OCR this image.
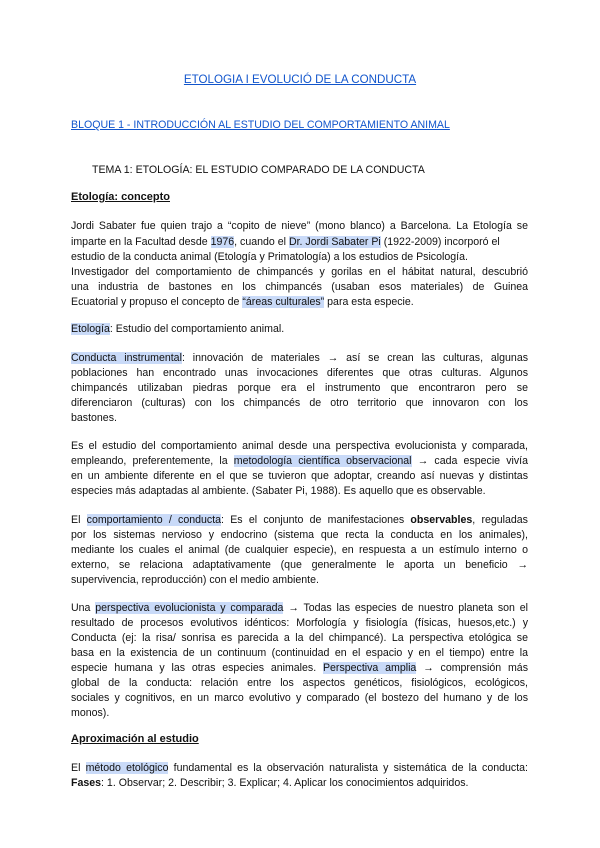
ETOLOGIA I EVOLUCIÓ DE LA CONDUCTA

BLOQUE 1 - INTRODUCCIÓN AL ESTUDIO DEL COMPORTAMIENTO ANIMAL

TEMA 1: ETOLOGÍA: EL ESTUDIO COMPARADO DE LA CONDUCTA

Etología: concepto

Jordi Sabater fue quien trajo a “copito de nieve” (mono blanco) a Barcelona. La Etología se

imparte en la Facultad desde 1976, cuando el Dr. Jordi Sabater Pi (1922-2009) incorporó el

estudio de la conducta animal (Etología y Primatología) a los estudios de Psicología.

Investigador del comportamiento de chimpancés y gorilas en el hábitat natural, descubrió

una industria de bastones en los chimpancés (usaban esos materiales) de Guinea

Ecuatorial y propuso el concepto de “áreas culturales” para esta especie.

Etología: Estudio del comportamiento animal.

Conducta instrumental: innovación de materiales → así se crean las culturas, algunas

poblaciones han encontrado unas invocaciones diferentes que otras culturas. Algunos

chimpancés utilizaban piedras porque era el instrumento que encontraron pero se

diferenciaron (culturas) con los chimpancés de otro territorio que innovaron con los

bastones.

Es el estudio del comportamiento animal desde una perspectiva evolucionista y comparada,

empleando, preferentemente, la metodología científica observacional → cada especie vivía

en un ambiente diferente en el que se tuvieron que adoptar, creando así nuevas y distintas

especies más adaptadas al ambiente. (Sabater Pi, 1988). Es aquello que es observable.

El comportamiento / conducta: Es el conjunto de manifestaciones observables, reguladas

por los sistemas nervioso y endocrino (sistema que recta la conducta en los animales),

mediante los cuales el animal (de cualquier especie), en respuesta a un estímulo interno o

externo, se relaciona adaptativamente (que generalmente le aporta un beneficio →

supervivencia, reproducción) con el medio ambiente.

Una perspectiva evolucionista y comparada → Todas las especies de nuestro planeta son el

resultado de procesos evolutivos idénticos: Morfología y fisiología (físicas, huesos,etc.) y

Conducta (ej: la risa/ sonrisa es parecida a la del chimpancé). La perspectiva etológica se

basa en la existencia de un continuum (continuidad en el espacio y en el tiempo) entre la

especie humana y las otras especies animales. Perspectiva amplia → comprensión más

global de la conducta: relación entre los aspectos genéticos, fisiológicos, ecológicos,

sociales y cognitivos, en un marco evolutivo y comparado (el bostezo del humano y de los

monos).

Aproximación al estudio

El método etológico fundamental es la observación naturalista y sistemática de la conducta:

Fases: 1. Observar; 2. Describir; 3. Explicar; 4. Aplicar los conocimientos adquiridos.
